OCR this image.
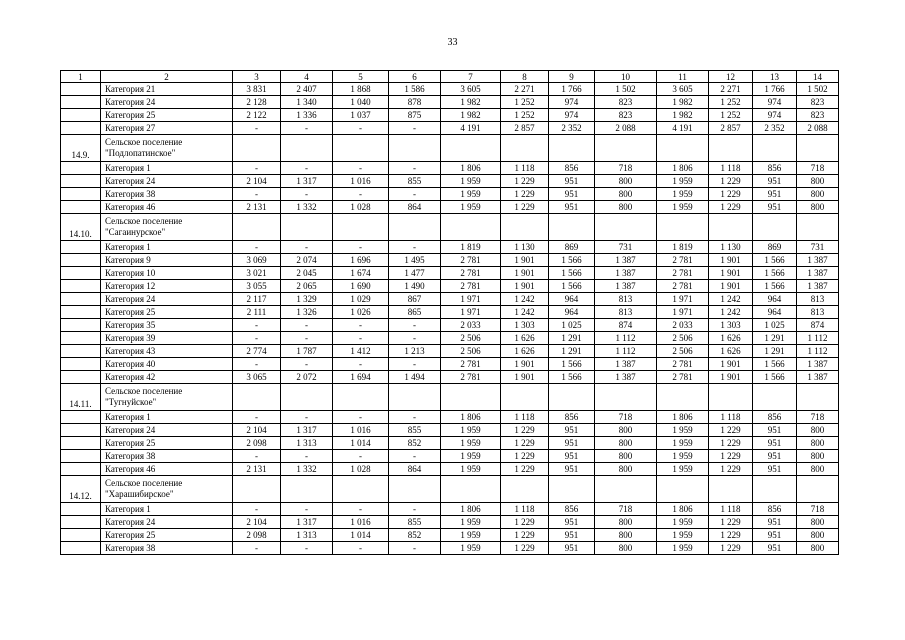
33
1	2	3	4	5	6	7	8	9	10	11	12	13	14
	Категория 21	3 831	2 407	1 868	1 586	3 605	2 271	1 766	1 502	3 605	2 271	1 766	1 502
	Категория 24	2 128	1 340	1 040	878	1 982	1 252	974	823	1 982	1 252	974	823
	Категория 25	2 122	1 336	1 037	875	1 982	1 252	974	823	1 982	1 252	974	823
	Категория 27	-	-	-	-	4 191	2 857	2 352	2 088	4 191	2 857	2 352	2 088
14.9.	Сельское поселение
"Подлопатинское"												

	Категория 1	-	-	-	-	1 806	1 118	856	718	1 806	1 118	856	718
	Категория 24	2 104	1 317	1 016	855	1 959	1 229	951	800	1 959	1 229	951	800
	Категория 38	-	-	-	-	1 959	1 229	951	800	1 959	1 229	951	800
	Категория 46	2 131	1 332	1 028	864	1 959	1 229	951	800	1 959	1 229	951	800
14.10.	Сельское поселение
"Сагаинурское"												

	Категория 1	-	-	-	-	1 819	1 130	869	731	1 819	1 130	869	731
	Категория 9	3 069	2 074	1 696	1 495	2 781	1 901	1 566	1 387	2 781	1 901	1 566	1 387
	Категория 10	3 021	2 045	1 674	1 477	2 781	1 901	1 566	1 387	2 781	1 901	1 566	1 387
	Категория 12	3 055	2 065	1 690	1 490	2 781	1 901	1 566	1 387	2 781	1 901	1 566	1 387
	Категория 24	2 117	1 329	1 029	867	1 971	1 242	964	813	1 971	1 242	964	813
	Категория 25	2 111	1 326	1 026	865	1 971	1 242	964	813	1 971	1 242	964	813
	Категория 35	-	-	-	-	2 033	1 303	1 025	874	2 033	1 303	1 025	874
	Категория 39	-	-	-	-	2 506	1 626	1 291	1 112	2 506	1 626	1 291	1 112
	Категория 43	2 774	1 787	1 412	1 213	2 506	1 626	1 291	1 112	2 506	1 626	1 291	1 112
	Категория 40	-	-	-	-	2 781	1 901	1 566	1 387	2 781	1 901	1 566	1 387
	Категория 42	3 065	2 072	1 694	1 494	2 781	1 901	1 566	1 387	2 781	1 901	1 566	1 387
14.11.	Сельское поселение
"Тугнуйское"												

	Категория 1	-	-	-	-	1 806	1 118	856	718	1 806	1 118	856	718
	Категория 24	2 104	1 317	1 016	855	1 959	1 229	951	800	1 959	1 229	951	800
	Категория 25	2 098	1 313	1 014	852	1 959	1 229	951	800	1 959	1 229	951	800
	Категория 38	-	-	-	-	1 959	1 229	951	800	1 959	1 229	951	800
	Категория 46	2 131	1 332	1 028	864	1 959	1 229	951	800	1 959	1 229	951	800
14.12.	Сельское поселение
"Харашибирское"												

	Категория 1	-	-	-	-	1 806	1 118	856	718	1 806	1 118	856	718
	Категория 24	2 104	1 317	1 016	855	1 959	1 229	951	800	1 959	1 229	951	800
	Категория 25	2 098	1 313	1 014	852	1 959	1 229	951	800	1 959	1 229	951	800
	Категория 38	-	-	-	-	1 959	1 229	951	800	1 959	1 229	951	800
